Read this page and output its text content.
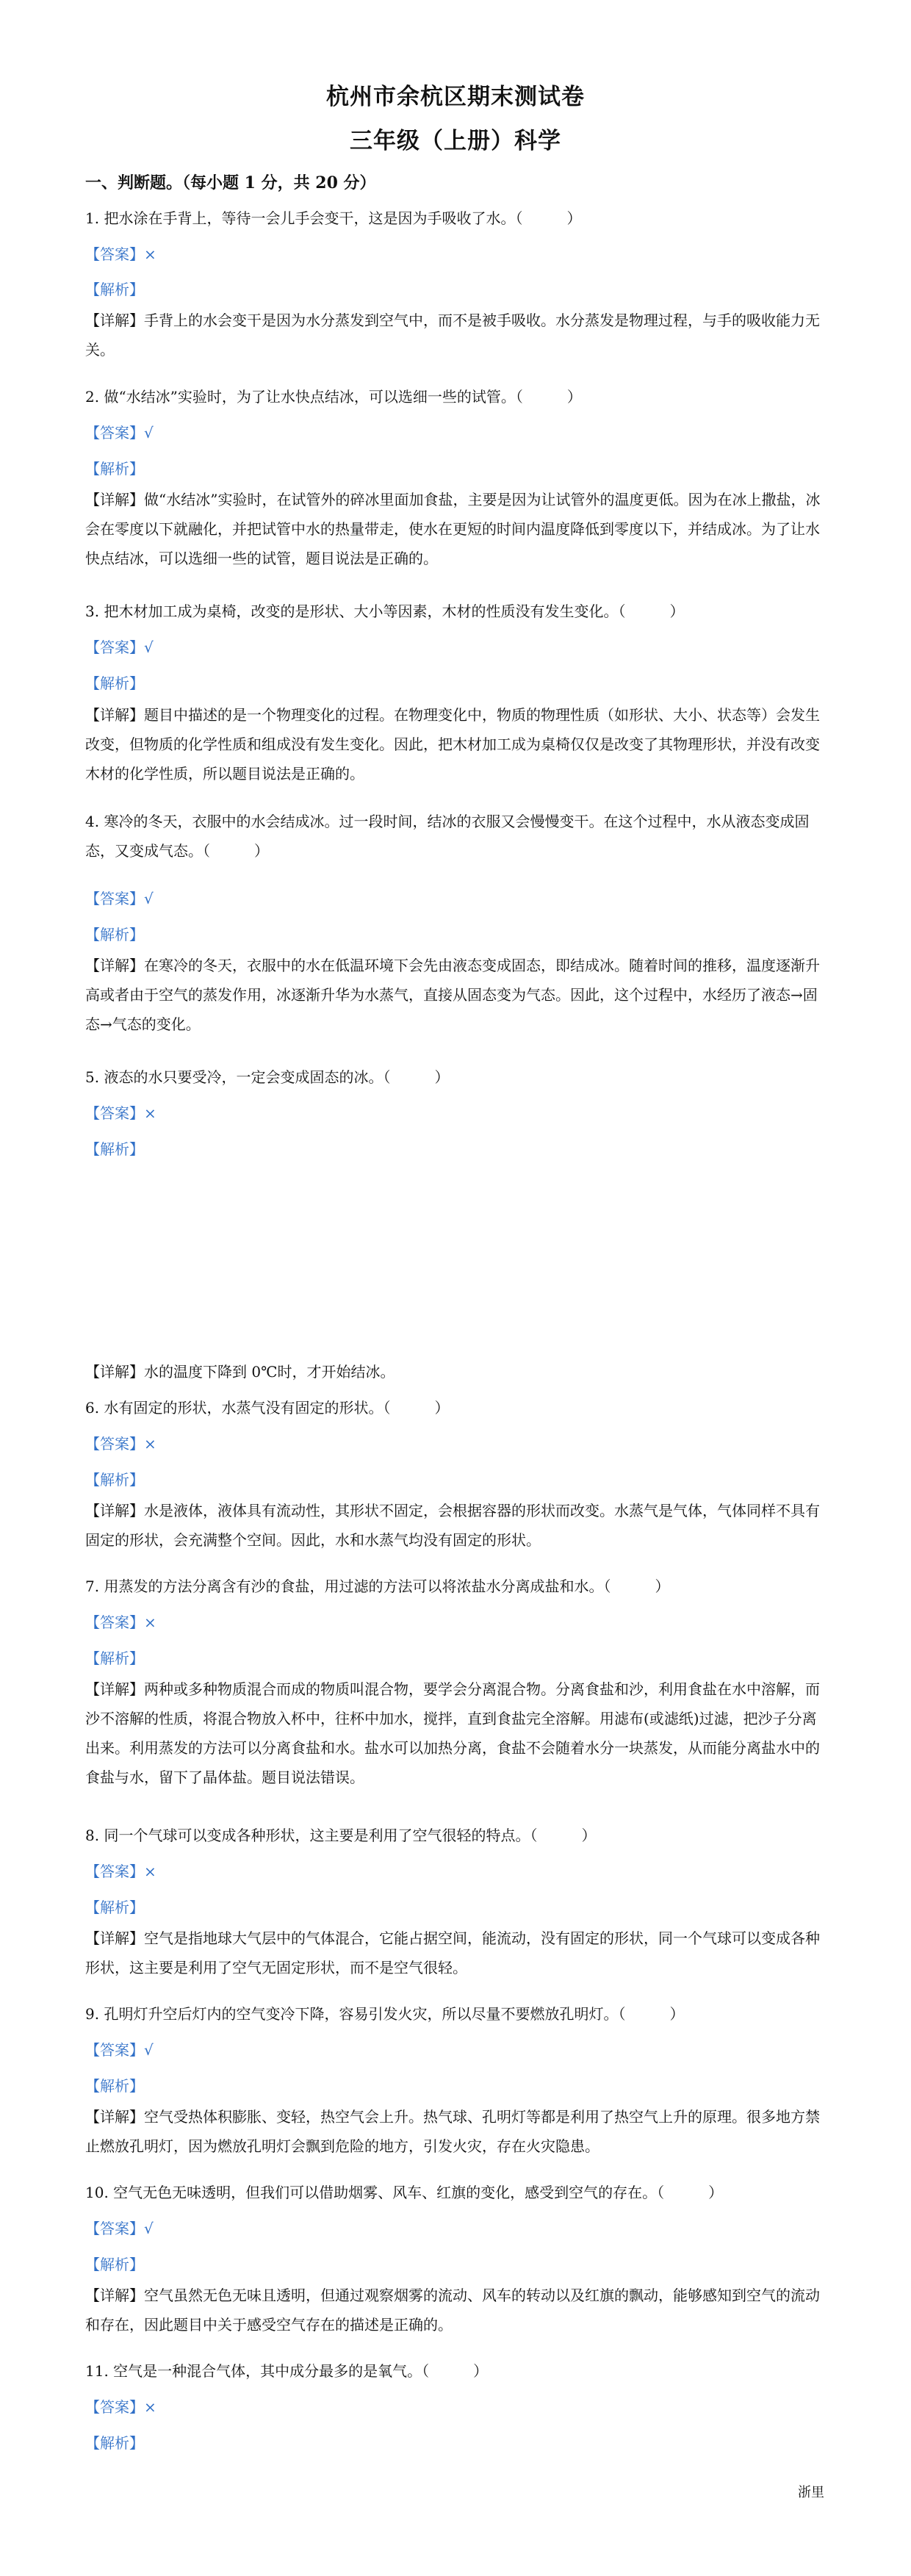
杭州市余杭区期末测试卷
三年级（上册）科学
一、判断题。（每小题 1 分，共 20 分）
1. 把水涂在手背上，等待一会儿手会变干，这是因为手吸收了水。（　　　）
【答案】×
【解析】
【详解】手背上的水会变干是因为水分蒸发到空气中，而不是被手吸收。水分蒸发是物理过程，与手的吸收能力无关。
2. 做“水结冰”实验时，为了让水快点结冰，可以选细一些的试管。（　　　）
【答案】√
【解析】
【详解】做“水结冰”实验时，在试管外的碎冰里面加食盐，主要是因为让试管外的温度更低。因为在冰上撒盐，冰会在零度以下就融化，并把试管中水的热量带走，使水在更短的时间内温度降低到零度以下，并结成冰。为了让水快点结冰，可以选细一些的试管，题目说法是正确的。
3. 把木材加工成为桌椅，改变的是形状、大小等因素，木材的性质没有发生变化。（　　　）
【答案】√
【解析】
【详解】题目中描述的是一个物理变化的过程。在物理变化中，物质的物理性质（如形状、大小、状态等）会发生改变，但物质的化学性质和组成没有发生变化。因此，把木材加工成为桌椅仅仅是改变了其物理形状，并没有改变木材的化学性质，所以题目说法是正确的。
4. 寒冷的冬天，衣服中的水会结成冰。过一段时间，结冰的衣服又会慢慢变干。在这个过程中，水从液态变成固态，又变成气态。（　　　）
【答案】√
【解析】
【详解】在寒冷的冬天，衣服中的水在低温环境下会先由液态变成固态，即结成冰。随着时间的推移，温度逐渐升高或者由于空气的蒸发作用，冰逐渐升华为水蒸气，直接从固态变为气态。因此，这个过程中，水经历了液态→固态→气态的变化。
5. 液态的水只要受冷，一定会变成固态的冰。（　　　）
【答案】×
【解析】
【详解】水的温度下降到 0℃时，才开始结冰。
6. 水有固定的形状，水蒸气没有固定的形状。（　　　）
【答案】×
【解析】
【详解】水是液体，液体具有流动性，其形状不固定，会根据容器的形状而改变。水蒸气是气体，气体同样不具有固定的形状，会充满整个空间。因此，水和水蒸气均没有固定的形状。
7. 用蒸发的方法分离含有沙的食盐，用过滤的方法可以将浓盐水分离成盐和水。（　　　）
【答案】×
【解析】
【详解】两种或多种物质混合而成的物质叫混合物，要学会分离混合物。分离食盐和沙，利用食盐在水中溶解，而沙不溶解的性质，将混合物放入杯中，往杯中加水，搅拌，直到食盐完全溶解。用滤布(或滤纸)过滤，把沙子分离出来。利用蒸发的方法可以分离食盐和水。盐水可以加热分离，食盐不会随着水分一块蒸发，从而能分离盐水中的食盐与水，留下了晶体盐。题目说法错误。
8. 同一个气球可以变成各种形状，这主要是利用了空气很轻的特点。（　　　）
【答案】×
【解析】
【详解】空气是指地球大气层中的气体混合，它能占据空间，能流动，没有固定的形状，同一个气球可以变成各种形状，这主要是利用了空气无固定形状，而不是空气很轻。
9. 孔明灯升空后灯内的空气变冷下降，容易引发火灾，所以尽量不要燃放孔明灯。（　　　）
【答案】√
【解析】
【详解】空气受热体积膨胀、变轻，热空气会上升。热气球、孔明灯等都是利用了热空气上升的原理。很多地方禁止燃放孔明灯，因为燃放孔明灯会飘到危险的地方，引发火灾，存在火灾隐患。
10. 空气无色无味透明，但我们可以借助烟雾、风车、红旗的变化，感受到空气的存在。（　　　）
【答案】√
【解析】
【详解】空气虽然无色无味且透明，但通过观察烟雾的流动、风车的转动以及红旗的飘动，能够感知到空气的流动和存在，因此题目中关于感受空气存在的描述是正确的。
11. 空气是一种混合气体，其中成分最多的是氧气。（　　　）
【答案】×
【解析】
浙里
